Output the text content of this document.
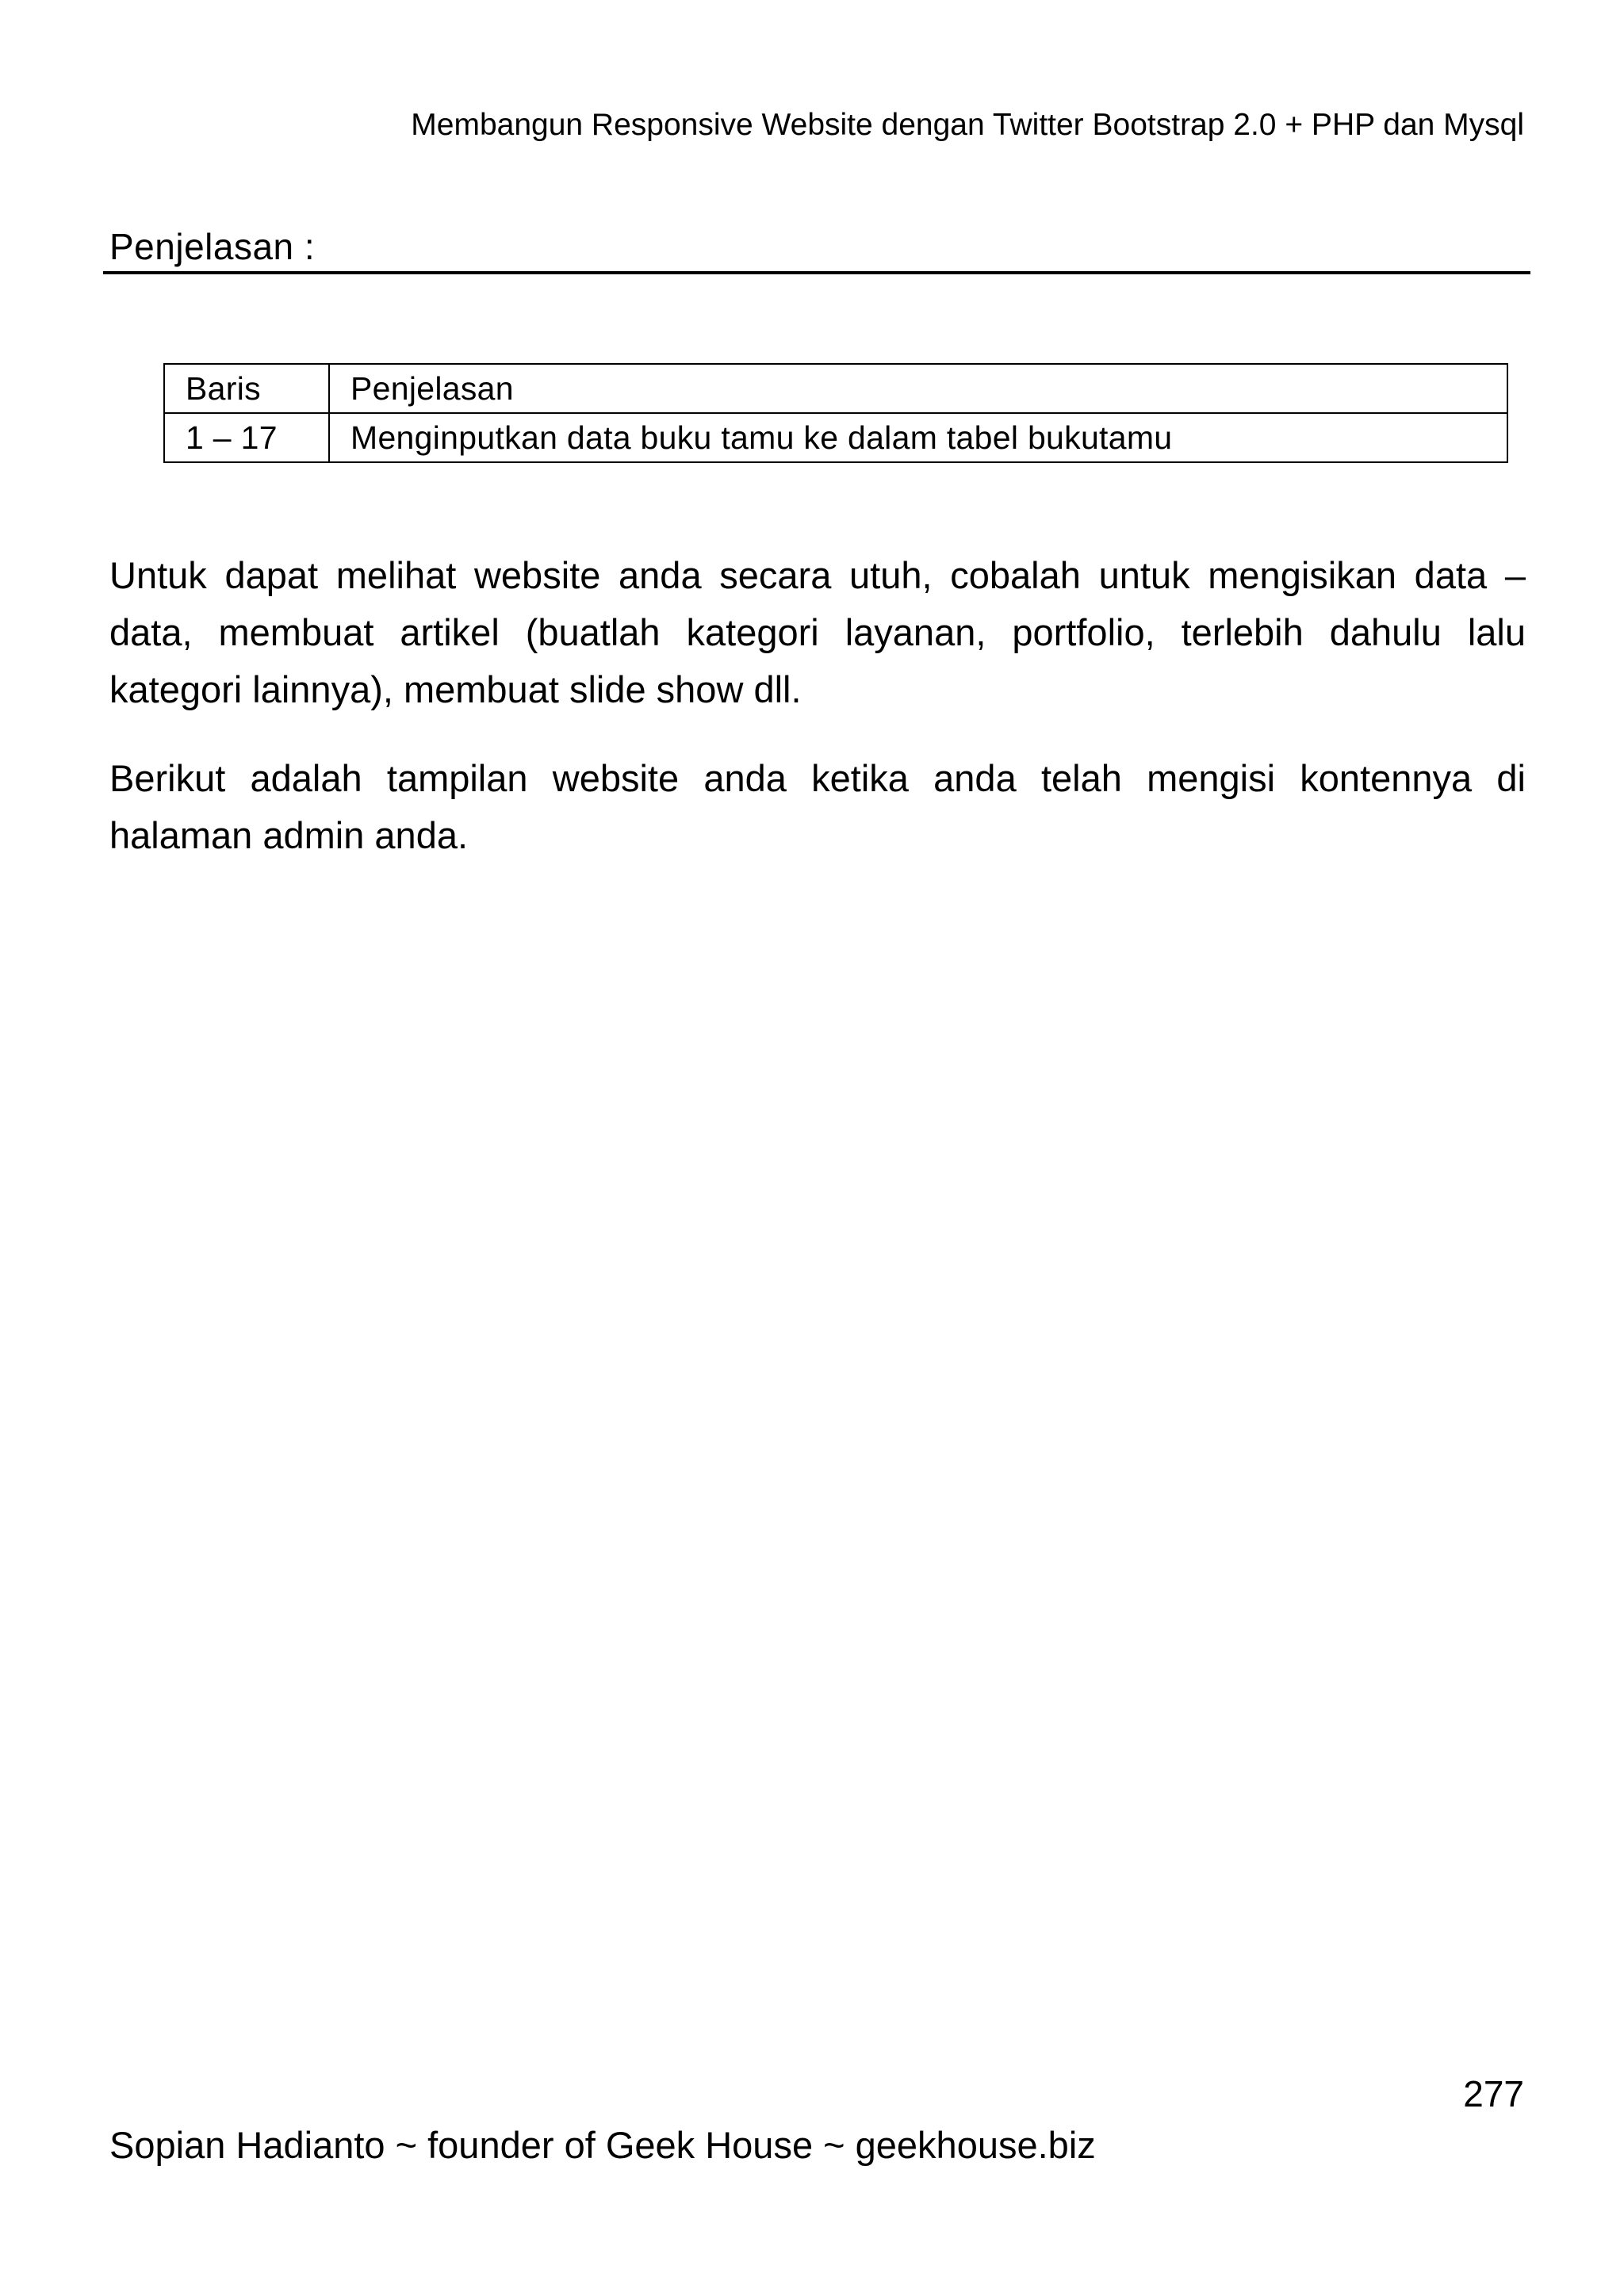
Membangun Responsive Website dengan Twitter Bootstrap 2.0 + PHP dan Mysql
Penjelasan :
Baris	Penjelasan
1 – 17	Menginputkan data buku tamu ke dalam tabel bukutamu

Untuk dapat melihat website anda secara utuh, cobalah untuk mengisikan data – data, membuat artikel (buatlah kategori layanan, portfolio, terlebih dahulu lalu kategori lainnya), membuat slide show dll.

Berikut adalah tampilan website anda ketika anda telah mengisi kontennya di halaman admin anda.

277
Sopian Hadianto ~ founder of Geek House ~ geekhouse.biz
